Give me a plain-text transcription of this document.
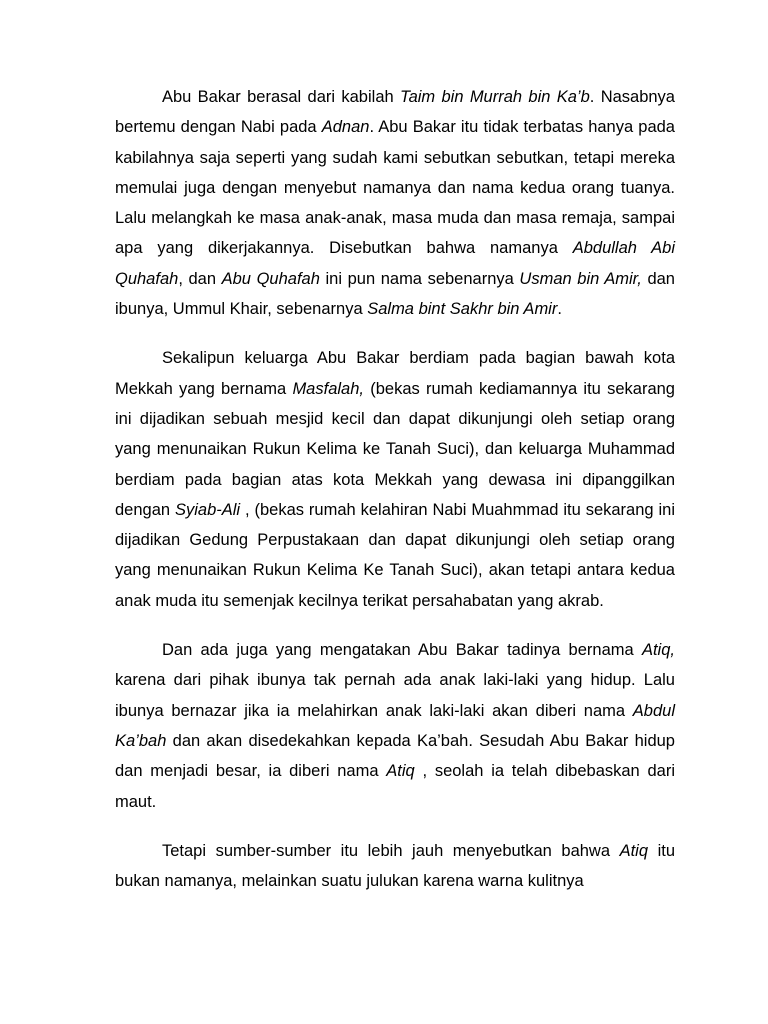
Abu Bakar berasal dari kabilah Taim bin Murrah bin Ka’b. Nasabnya bertemu dengan Nabi pada Adnan. Abu Bakar itu tidak terbatas hanya pada kabilahnya saja seperti yang sudah kami sebutkan sebutkan, tetapi mereka memulai juga dengan menyebut namanya dan nama kedua orang tuanya. Lalu melangkah ke masa anak-anak, masa muda dan masa remaja, sampai apa yang dikerjakannya. Disebutkan bahwa namanya Abdullah Abi Quhafah, dan Abu Quhafah ini pun nama sebenarnya Usman bin Amir, dan ibunya, Ummul Khair, sebenarnya Salma bint Sakhr bin Amir.

Sekalipun keluarga Abu Bakar berdiam pada bagian bawah kota Mekkah yang bernama Masfalah, (bekas rumah kediamannya itu sekarang ini dijadikan sebuah mesjid kecil dan dapat dikunjungi oleh setiap orang yang menunaikan Rukun Kelima ke Tanah Suci), dan keluarga Muhammad berdiam pada bagian atas kota Mekkah yang dewasa ini dipanggilkan dengan Syiab-Ali , (bekas rumah kelahiran Nabi Muahmmad itu sekarang ini dijadikan Gedung Perpustakaan dan dapat dikunjungi oleh setiap orang yang menunaikan Rukun Kelima Ke Tanah Suci), akan tetapi antara kedua anak muda itu semenjak kecilnya terikat persahabatan yang akrab.

Dan ada juga yang mengatakan Abu Bakar tadinya bernama Atiq, karena dari pihak ibunya tak pernah ada anak laki-laki yang hidup. Lalu ibunya bernazar jika ia melahirkan anak laki-laki akan diberi nama Abdul Ka’bah dan akan disedekahkan kepada Ka’bah. Sesudah Abu Bakar hidup dan menjadi besar, ia diberi nama Atiq , seolah ia telah dibebaskan dari maut.

Tetapi sumber-sumber itu lebih jauh menyebutkan bahwa Atiq itu bukan namanya, melainkan suatu julukan karena warna kulitnya
